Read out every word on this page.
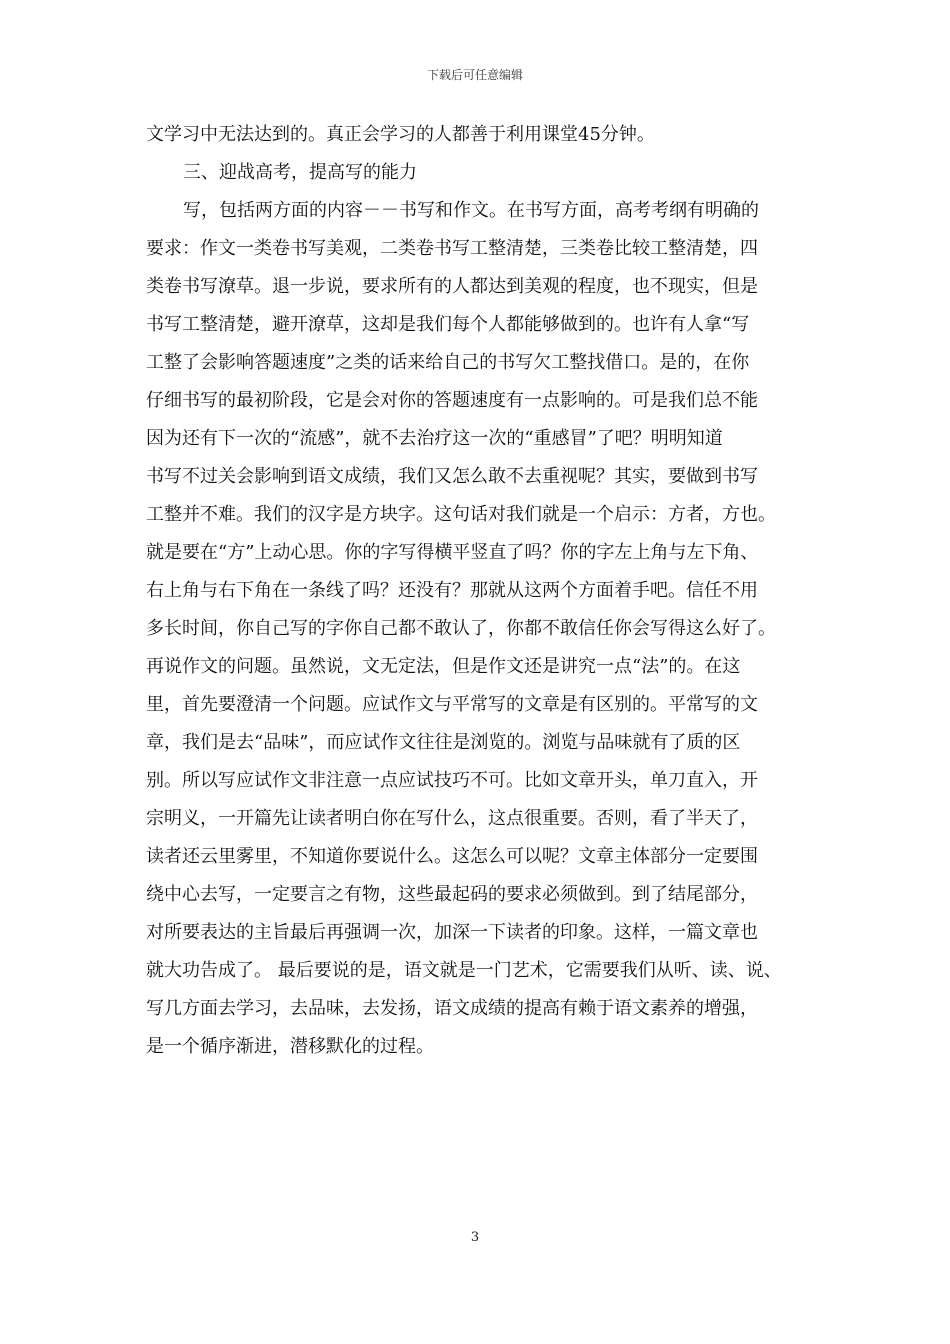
下载后可任意编辑
文学习中无法达到的。真正会学习的人都善于利用课堂45分钟。
三、迎战高考，提高写的能力
写，包括两方面的内容－－书写和作文。在书写方面，高考考纲有明确的
要求：作文一类卷书写美观，二类卷书写工整清楚，三类卷比较工整清楚，四
类卷书写潦草。退一步说，要求所有的人都达到美观的程度，也不现实，但是
书写工整清楚，避开潦草，这却是我们每个人都能够做到的。也许有人拿“写
工整了会影响答题速度”之类的话来给自己的书写欠工整找借口。是的，在你
仔细书写的最初阶段，它是会对你的答题速度有一点影响的。可是我们总不能
因为还有下一次的“流感”，就不去治疗这一次的“重感冒”了吧？明明知道
书写不过关会影响到语文成绩，我们又怎么敢不去重视呢？其实，要做到书写
工整并不难。我们的汉字是方块字。这句话对我们就是一个启示：方者，方也。
就是要在“方”上动心思。你的字写得横平竖直了吗？你的字左上角与左下角、
右上角与右下角在一条线了吗？还没有？那就从这两个方面着手吧。信任不用
多长时间，你自己写的字你自己都不敢认了，你都不敢信任你会写得这么好了。
再说作文的问题。虽然说，文无定法，但是作文还是讲究一点“法”的。在这
里，首先要澄清一个问题。应试作文与平常写的文章是有区别的。平常写的文
章，我们是去“品味”，而应试作文往往是浏览的。浏览与品味就有了质的区
别。所以写应试作文非注意一点应试技巧不可。比如文章开头，单刀直入，开
宗明义，一开篇先让读者明白你在写什么，这点很重要。否则，看了半天了，
读者还云里雾里，不知道你要说什么。这怎么可以呢？文章主体部分一定要围
绕中心去写，一定要言之有物，这些最起码的要求必须做到。到了结尾部分，
对所要表达的主旨最后再强调一次，加深一下读者的印象。这样，一篇文章也
就大功告成了。 最后要说的是，语文就是一门艺术，它需要我们从听、读、说、
写几方面去学习，去品味，去发扬，语文成绩的提高有赖于语文素养的增强，
是一个循序渐进，潜移默化的过程。
3
